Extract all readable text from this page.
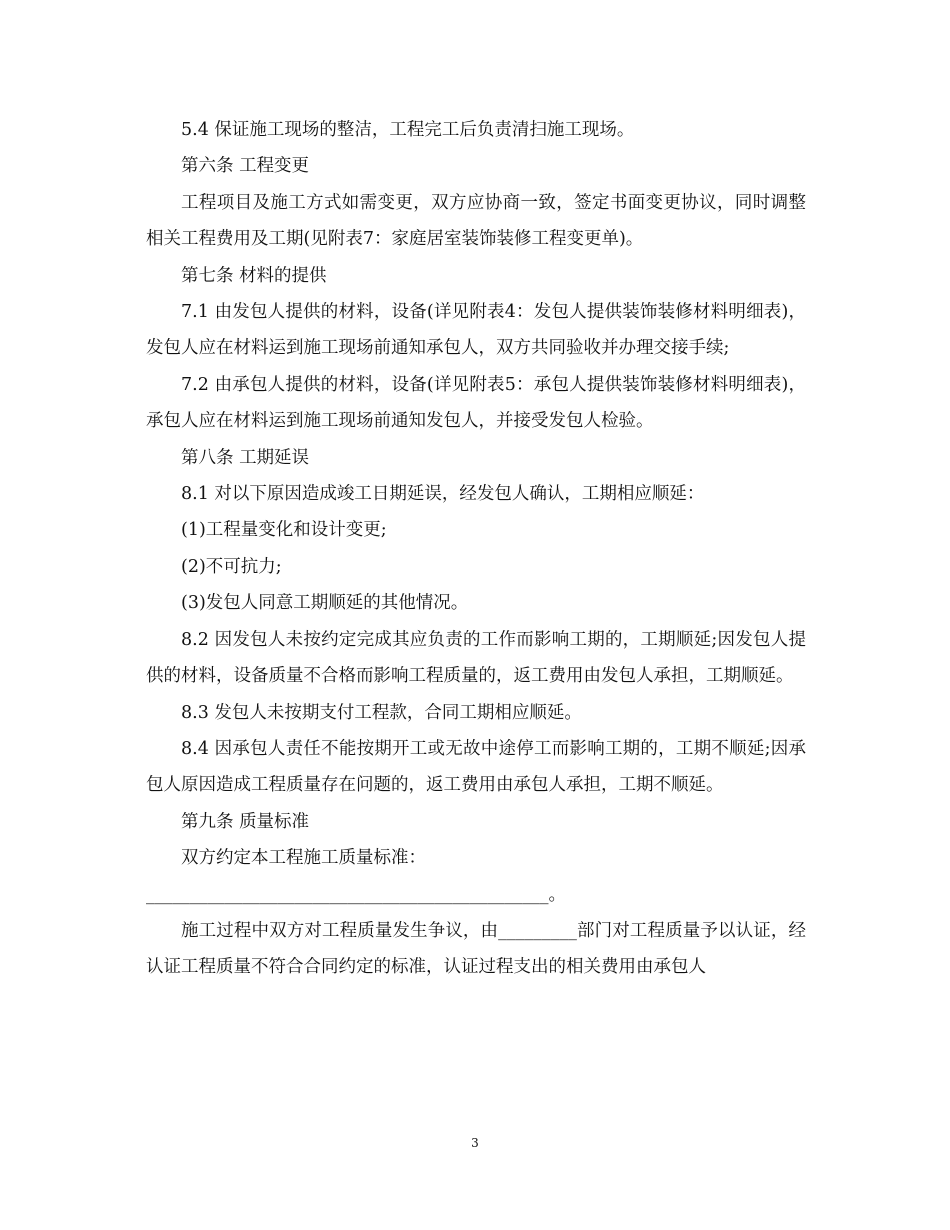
5.4 保证施工现场的整洁，工程完工后负责清扫施工现场。

第六条 工程变更

工程项目及施工方式如需变更，双方应协商一致，签定书面变更协议，同时调整相关工程费用及工期(见附表7：家庭居室装饰装修工程变更单)。

第七条 材料的提供

7.1 由发包人提供的材料，设备(详见附表4：发包人提供装饰装修材料明细表)，发包人应在材料运到施工现场前通知承包人，双方共同验收并办理交接手续;

7.2 由承包人提供的材料，设备(详见附表5：承包人提供装饰装修材料明细表)，承包人应在材料运到施工现场前通知发包人，并接受发包人检验。

第八条 工期延误

8.1 对以下原因造成竣工日期延误，经发包人确认，工期相应顺延：

(1)工程量变化和设计变更;

(2)不可抗力;

(3)发包人同意工期顺延的其他情况。

8.2 因发包人未按约定完成其应负责的工作而影响工期的，工期顺延;因发包人提供的材料，设备质量不合格而影响工程质量的，返工费用由发包人承担，工期顺延。

8.3 发包人未按期支付工程款，合同工期相应顺延。

8.4 因承包人责任不能按期开工或无故中途停工而影响工期的，工期不顺延;因承包人原因造成工程质量存在问题的，返工费用由承包人承担，工期不顺延。

第九条 质量标准

双方约定本工程施工质量标准：

______________________________________________。

施工过程中双方对工程质量发生争议，由_________部门对工程质量予以认证，经认证工程质量不符合合同约定的标准，认证过程支出的相关费用由承包人

3
